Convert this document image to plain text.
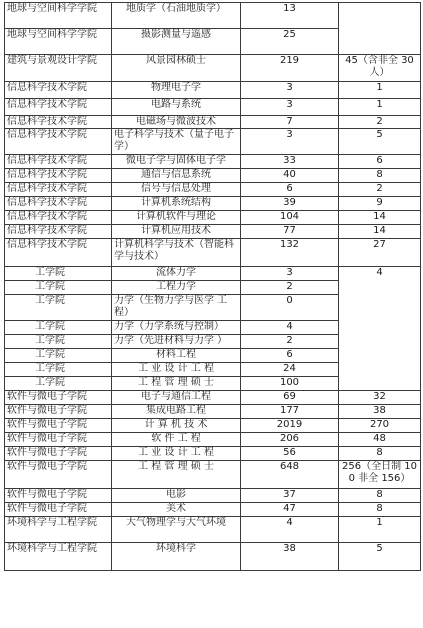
地球与空间科学学院	地质学（石油地质学）	13	
地球与空间科学学院	摄影测量与遥感	25	
建筑与景观设计学院	风景园林硕士	219	45（含非全 30 人）
信息科学技术学院	物理电子学	3	1
信息科学技术学院	电路与系统	3	1
信息科学技术学院	电磁场与微波技术	7	2
信息科学技术学院	电子科学与技术（量子电子学）	3	5
信息科学技术学院	微电子学与固体电子学	33	6
信息科学技术学院	通信与信息系统	40	8
信息科学技术学院	信号与信息处理	6	2
信息科学技术学院	计算机系统结构	39	9
信息科学技术学院	计算机软件与理论	104	14
信息科学技术学院	计算机应用技术	77	14
信息科学技术学院	计算机科学与技术（智能科学与技术）	132	27
工学院	流体力学	3	4
工学院	工程力学	2	
工学院	力学（生物力学与医学 工程）	0	
工学院	力学（力学系统与控制）	4	
工学院	力学（先进材料与力学 ）	2	
工学院	材料工程	6	
工学院	工 业 设 计 工 程	24	
工学院	工 程 管 理 硕 士	100	
软件与微电子学院	电子与通信工程	69	32
软件与微电子学院	集成电路工程	177	38
软件与微电子学院	计 算 机 技 术	2019	270
软件与微电子学院	软 件 工 程	206	48
软件与微电子学院	工 业 设 计 工 程	56	8
软件与微电子学院	工 程 管 理 硕 士	648	256（全日制 100 非全 156）
软件与微电子学院	电影	37	8
软件与微电子学院	美术	47	8
环境科学与工程学院	大气物理学与大气环境	4	1
环境科学与工程学院	环境科学	38	5
